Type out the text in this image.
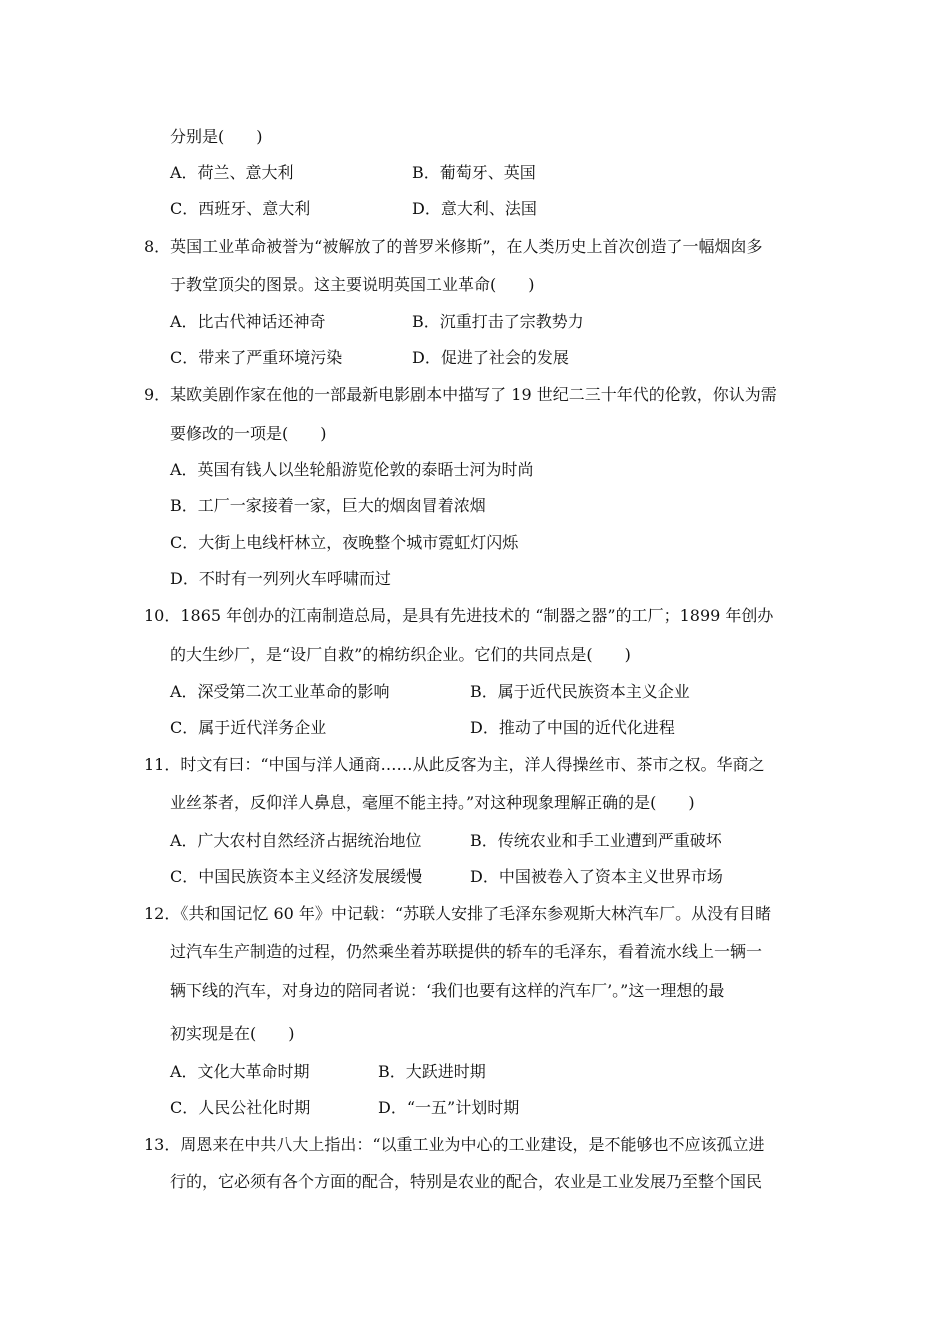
分别是(　　)
A．荷兰、意大利	B．葡萄牙、英国
C．西班牙、意大利	D．意大利、法国
8．英国工业革命被誉为“被解放了的普罗米修斯”，在人类历史上首次创造了一幅烟囱多
于教堂顶尖的图景。这主要说明英国工业革命(　　)
A．比古代神话还神奇	B．沉重打击了宗教势力
C．带来了严重环境污染	D．促进了社会的发展
9．某欧美剧作家在他的一部最新电影剧本中描写了 19 世纪二三十年代的伦敦，你认为需
要修改的一项是(　　)
A．英国有钱人以坐轮船游览伦敦的泰晤士河为时尚
B．工厂一家接着一家，巨大的烟囱冒着浓烟
C．大街上电线杆林立，夜晚整个城市霓虹灯闪烁
D．不时有一列列火车呼啸而过
10．1865 年创办的江南制造总局，是具有先进技术的 “制器之器”的工厂；1899 年创办
的大生纱厂，是“设厂自救”的棉纺织企业。它们的共同点是(　　)
A．深受第二次工业革命的影响	B．属于近代民族资本主义企业
C．属于近代洋务企业	D．推动了中国的近代化进程
11．时文有曰：“中国与洋人通商……从此反客为主，洋人得操丝市、茶市之权。华商之
业丝茶者，反仰洋人鼻息，毫厘不能主持。”对这种现象理解正确的是(　　)
A．广大农村自然经济占据统治地位	B．传统农业和手工业遭到严重破坏
C．中国民族资本主义经济发展缓慢	D．中国被卷入了资本主义世界市场
12．《共和国记忆 60 年》中记载：“苏联人安排了毛泽东参观斯大林汽车厂。从没有目睹
过汽车生产制造的过程，仍然乘坐着苏联提供的轿车的毛泽东，看着流水线上一辆一
辆下线的汽车，对身边的陪同者说：‘我们也要有这样的汽车厂’。”这一理想的最
初实现是在(　　)
A．文化大革命时期	B．大跃进时期
C．人民公社化时期	D．“一五”计划时期
13．周恩来在中共八大上指出：“以重工业为中心的工业建设，是不能够也不应该孤立进
行的，它必须有各个方面的配合，特别是农业的配合，农业是工业发展乃至整个国民
